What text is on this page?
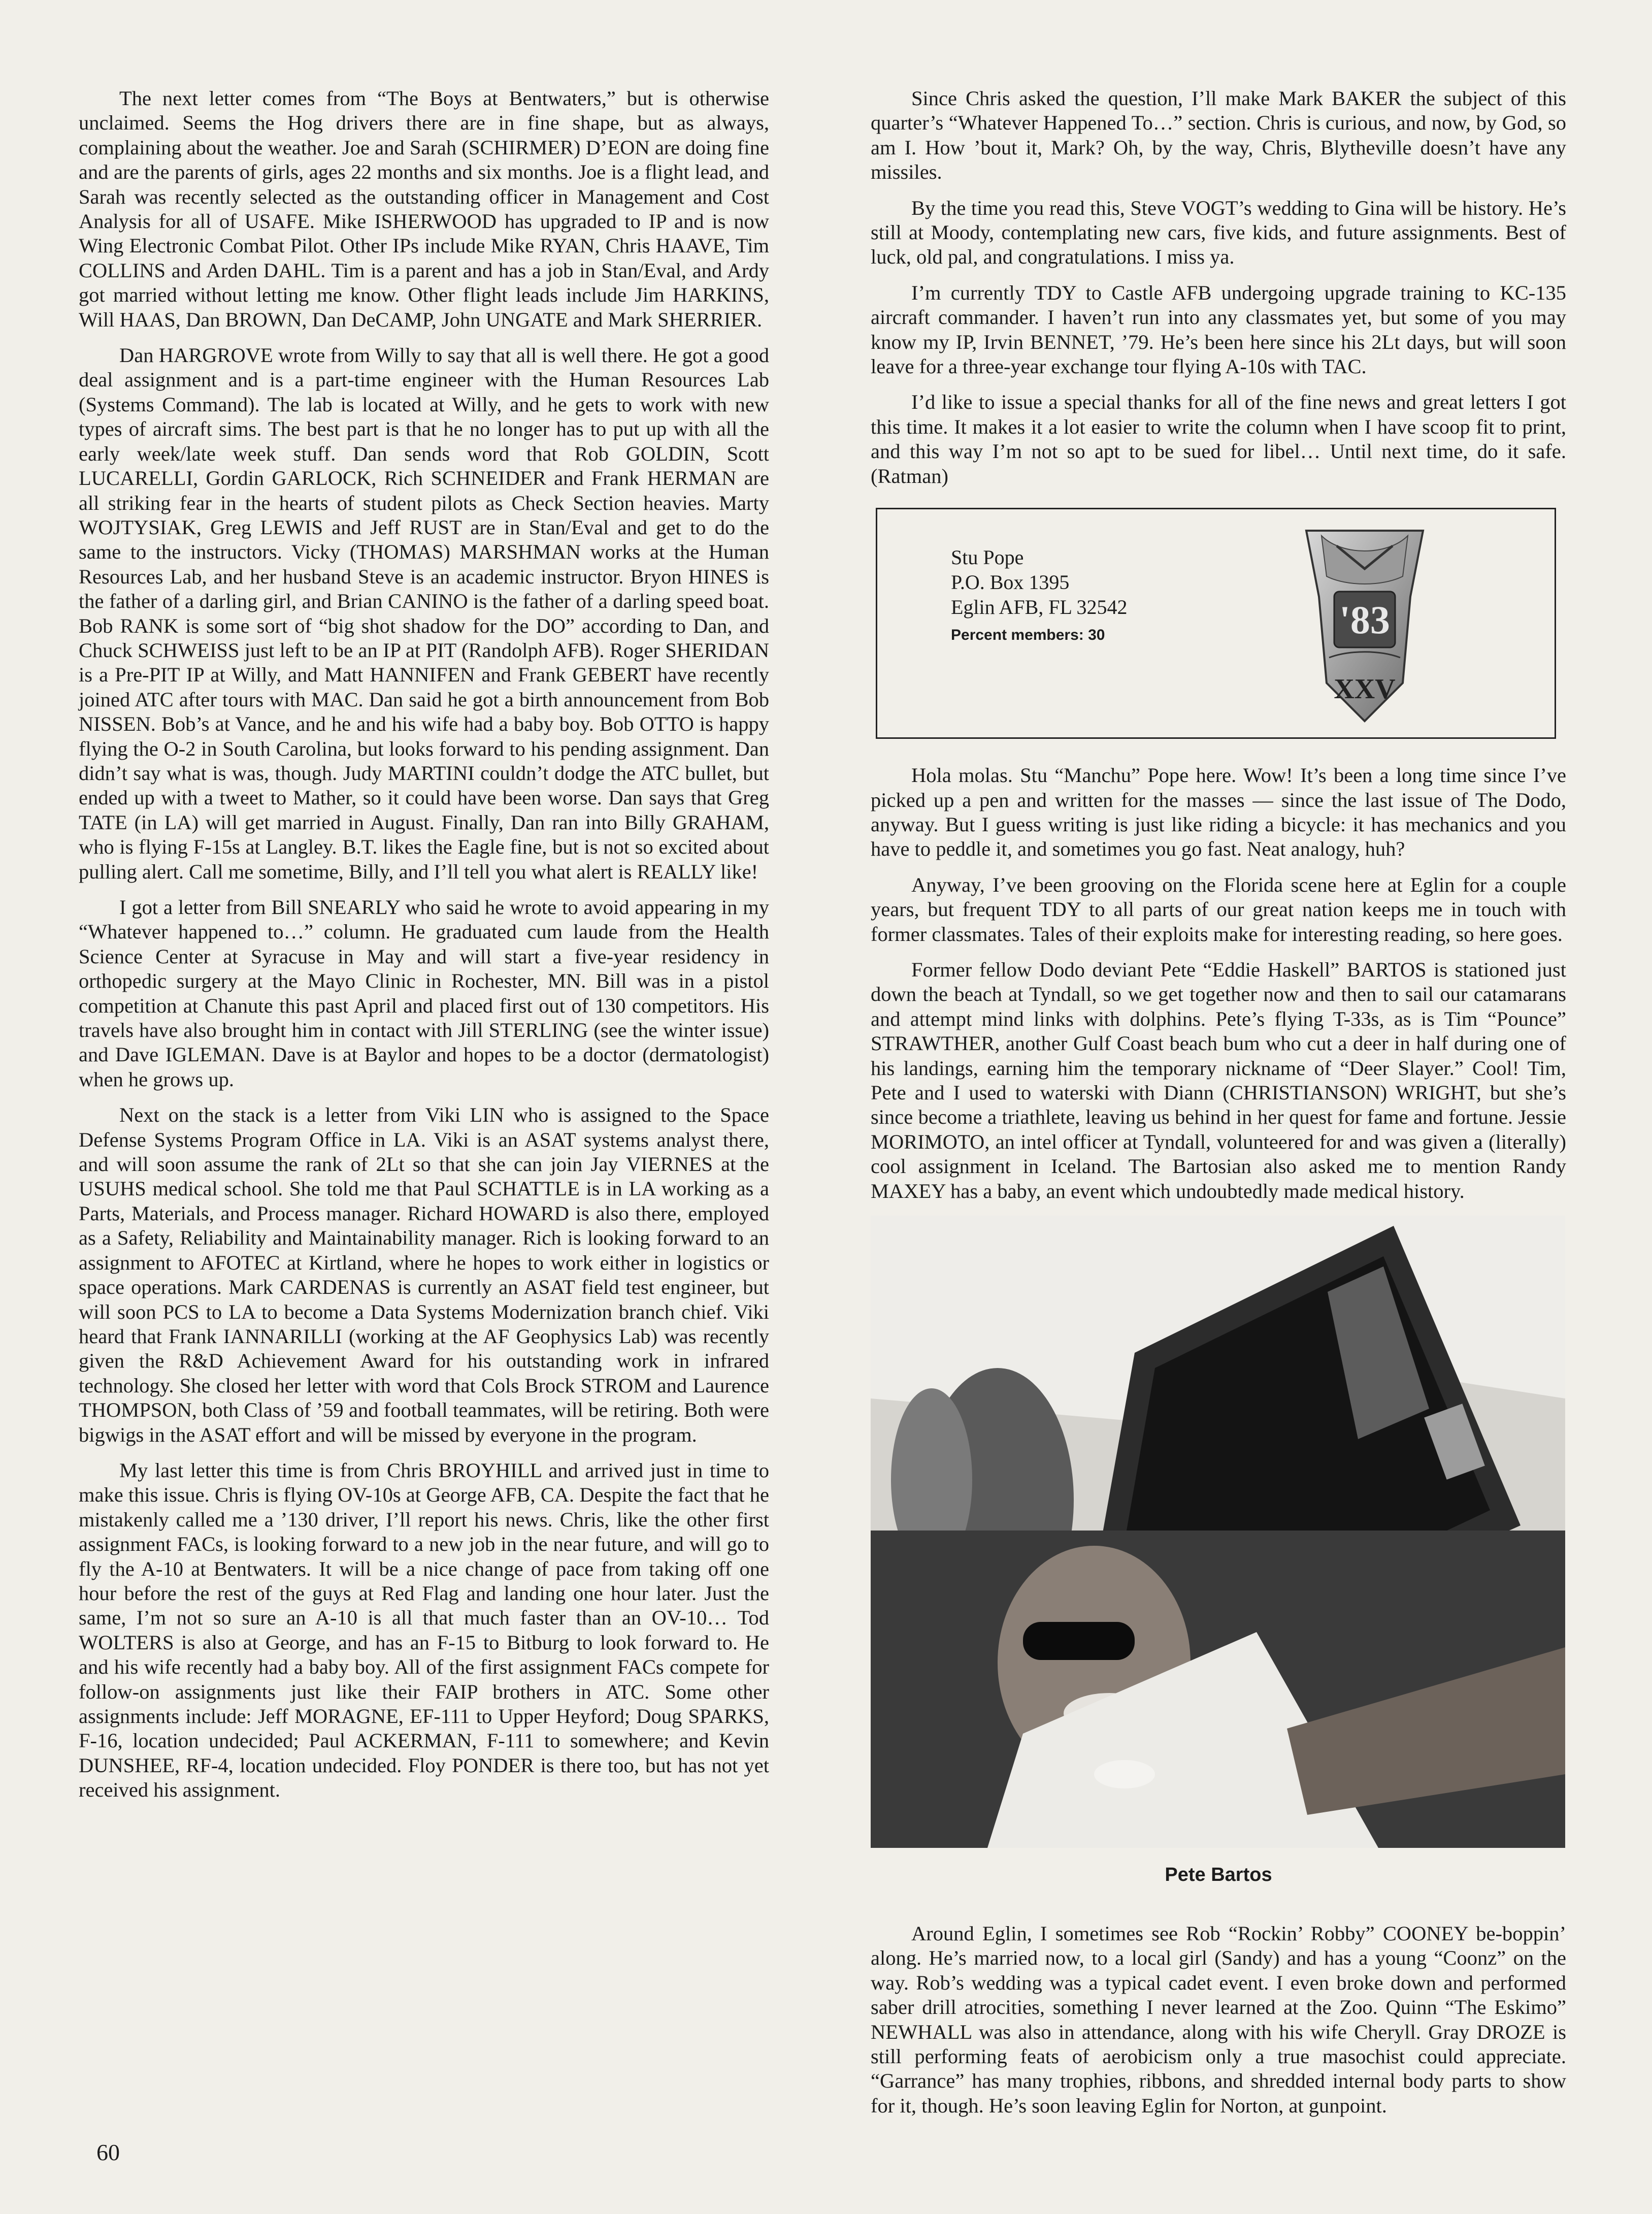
The next letter comes from “The Boys at Bentwaters,” but is otherwise unclaimed. Seems the Hog drivers there are in fine shape, but as always, complaining about the weather. Joe and Sarah (SCHIRMER) D’EON are doing fine and are the parents of girls, ages 22 months and six months. Joe is a flight lead, and Sarah was recently selected as the outstanding officer in Management and Cost Analysis for all of USAFE. Mike ISHERWOOD has upgraded to IP and is now Wing Electronic Combat Pilot. Other IPs include Mike RYAN, Chris HAAVE, Tim COLLINS and Arden DAHL. Tim is a parent and has a job in Stan/Eval, and Ardy got married without letting me know. Other flight leads include Jim HARKINS, Will HAAS, Dan BROWN, Dan DeCAMP, John UNGATE and Mark SHERRIER.

Dan HARGROVE wrote from Willy to say that all is well there. He got a good deal assignment and is a part-time engineer with the Human Resources Lab (Systems Command). The lab is located at Willy, and he gets to work with new types of aircraft sims. The best part is that he no longer has to put up with all the early week/late week stuff. Dan sends word that Rob GOLDIN, Scott LUCARELLI, Gordin GARLOCK, Rich SCHNEIDER and Frank HERMAN are all striking fear in the hearts of student pilots as Check Section heavies. Marty WOJTYSIAK, Greg LEWIS and Jeff RUST are in Stan/Eval and get to do the same to the instructors. Vicky (THOMAS) MARSHMAN works at the Human Resources Lab, and her husband Steve is an academic instructor. Bryon HINES is the father of a darling girl, and Brian CANINO is the father of a darling speed boat. Bob RANK is some sort of “big shot shadow for the DO” according to Dan, and Chuck SCHWEISS just left to be an IP at PIT (Randolph AFB). Roger SHERIDAN is a Pre-PIT IP at Willy, and Matt HANNIFEN and Frank GEBERT have recently joined ATC after tours with MAC. Dan said he got a birth announcement from Bob NISSEN. Bob’s at Vance, and he and his wife had a baby boy. Bob OTTO is happy flying the O-2 in South Carolina, but looks forward to his pending assignment. Dan didn’t say what is was, though. Judy MARTINI couldn’t dodge the ATC bullet, but ended up with a tweet to Mather, so it could have been worse. Dan says that Greg TATE (in LA) will get married in August. Finally, Dan ran into Billy GRAHAM, who is flying F-15s at Langley. B.T. likes the Eagle fine, but is not so excited about pulling alert. Call me sometime, Billy, and I’ll tell you what alert is REALLY like!

I got a letter from Bill SNEARLY who said he wrote to avoid appearing in my “Whatever happened to…” column. He graduated cum laude from the Health Science Center at Syracuse in May and will start a five-year residency in orthopedic surgery at the Mayo Clinic in Rochester, MN. Bill was in a pistol competition at Chanute this past April and placed first out of 130 competitors. His travels have also brought him in contact with Jill STERLING (see the winter issue) and Dave IGLEMAN. Dave is at Baylor and hopes to be a doctor (dermatologist) when he grows up.

Next on the stack is a letter from Viki LIN who is assigned to the Space Defense Systems Program Office in LA. Viki is an ASAT systems analyst there, and will soon assume the rank of 2Lt so that she can join Jay VIERNES at the USUHS medical school. She told me that Paul SCHATTLE is in LA working as a Parts, Materials, and Process manager. Richard HOWARD is also there, employed as a Safety, Reliability and Maintainability manager. Rich is looking forward to an assignment to AFOTEC at Kirtland, where he hopes to work either in logistics or space operations. Mark CARDENAS is currently an ASAT field test engineer, but will soon PCS to LA to become a Data Systems Modernization branch chief. Viki heard that Frank IANNARILLI (working at the AF Geophysics Lab) was recently given the R&D Achievement Award for his outstanding work in infrared technology. She closed her letter with word that Cols Brock STROM and Laurence THOMPSON, both Class of ’59 and football teammates, will be retiring. Both were bigwigs in the ASAT effort and will be missed by everyone in the program.

My last letter this time is from Chris BROYHILL and arrived just in time to make this issue. Chris is flying OV-10s at George AFB, CA. Despite the fact that he mistakenly called me a ’130 driver, I’ll report his news. Chris, like the other first assignment FACs, is looking forward to a new job in the near future, and will go to fly the A-10 at Bentwaters. It will be a nice change of pace from taking off one hour before the rest of the guys at Red Flag and landing one hour later. Just the same, I’m not so sure an A-10 is all that much faster than an OV-10… Tod WOLTERS is also at George, and has an F-15 to Bitburg to look forward to. He and his wife recently had a baby boy. All of the first assignment FACs compete for follow-on assignments just like their FAIP brothers in ATC. Some other assignments include: Jeff MORAGNE, EF-111 to Upper Heyford; Doug SPARKS, F-16, location undecided; Paul ACKERMAN, F-111 to somewhere; and Kevin DUNSHEE, RF-4, location undecided. Floy PONDER is there too, but has not yet received his assignment.

Since Chris asked the question, I’ll make Mark BAKER the subject of this quarter’s “Whatever Happened To…” section. Chris is curious, and now, by God, so am I. How ’bout it, Mark? Oh, by the way, Chris, Blytheville doesn’t have any missiles.

By the time you read this, Steve VOGT’s wedding to Gina will be history. He’s still at Moody, contemplating new cars, five kids, and future assignments. Best of luck, old pal, and congratulations. I miss ya.

I’m currently TDY to Castle AFB undergoing upgrade training to KC-135 aircraft commander. I haven’t run into any classmates yet, but some of you may know my IP, Irvin BENNET, ’79. He’s been here since his 2Lt days, but will soon leave for a three-year exchange tour flying A-10s with TAC.

I’d like to issue a special thanks for all of the fine news and great letters I got this time. It makes it a lot easier to write the column when I have scoop fit to print, and this way I’m not so apt to be sued for libel… Until next time, do it safe. (Ratman)

Stu Pope
P.O. Box 1395
Eglin AFB, FL 32542
Percent members: 30	'83
XXV

Hola molas. Stu “Manchu” Pope here. Wow! It’s been a long time since I’ve picked up a pen and written for the masses — since the last issue of The Dodo, anyway. But I guess writing is just like riding a bicycle: it has mechanics and you have to peddle it, and sometimes you go fast. Neat analogy, huh?

Anyway, I’ve been grooving on the Florida scene here at Eglin for a couple years, but frequent TDY to all parts of our great nation keeps me in touch with former classmates. Tales of their exploits make for interesting reading, so here goes.

Former fellow Dodo deviant Pete “Eddie Haskell” BARTOS is stationed just down the beach at Tyndall, so we get together now and then to sail our catamarans and attempt mind links with dolphins. Pete’s flying T-33s, as is Tim “Pounce” STRAWTHER, another Gulf Coast beach bum who cut a deer in half during one of his landings, earning him the temporary nickname of “Deer Slayer.” Cool! Tim, Pete and I used to waterski with Diann (CHRISTIANSON) WRIGHT, but she’s since become a triathlete, leaving us behind in her quest for fame and fortune. Jessie MORIMOTO, an intel officer at Tyndall, volunteered for and was given a (literally) cool assignment in Iceland. The Bartosian also asked me to mention Randy MAXEY has a baby, an event which undoubtedly made medical history.

Pete Bartos

Around Eglin, I sometimes see Rob “Rockin’ Robby” COONEY be-boppin’ along. He’s married now, to a local girl (Sandy) and has a young “Coonz” on the way. Rob’s wedding was a typical cadet event. I even broke down and performed saber drill atrocities, something I never learned at the Zoo. Quinn “The Eskimo” NEWHALL was also in attendance, along with his wife Cheryll. Gray DROZE is still performing feats of aerobicism only a true masochist could appreciate. “Garrance” has many trophies, ribbons, and shredded internal body parts to show for it, though. He’s soon leaving Eglin for Norton, at gunpoint.

60
